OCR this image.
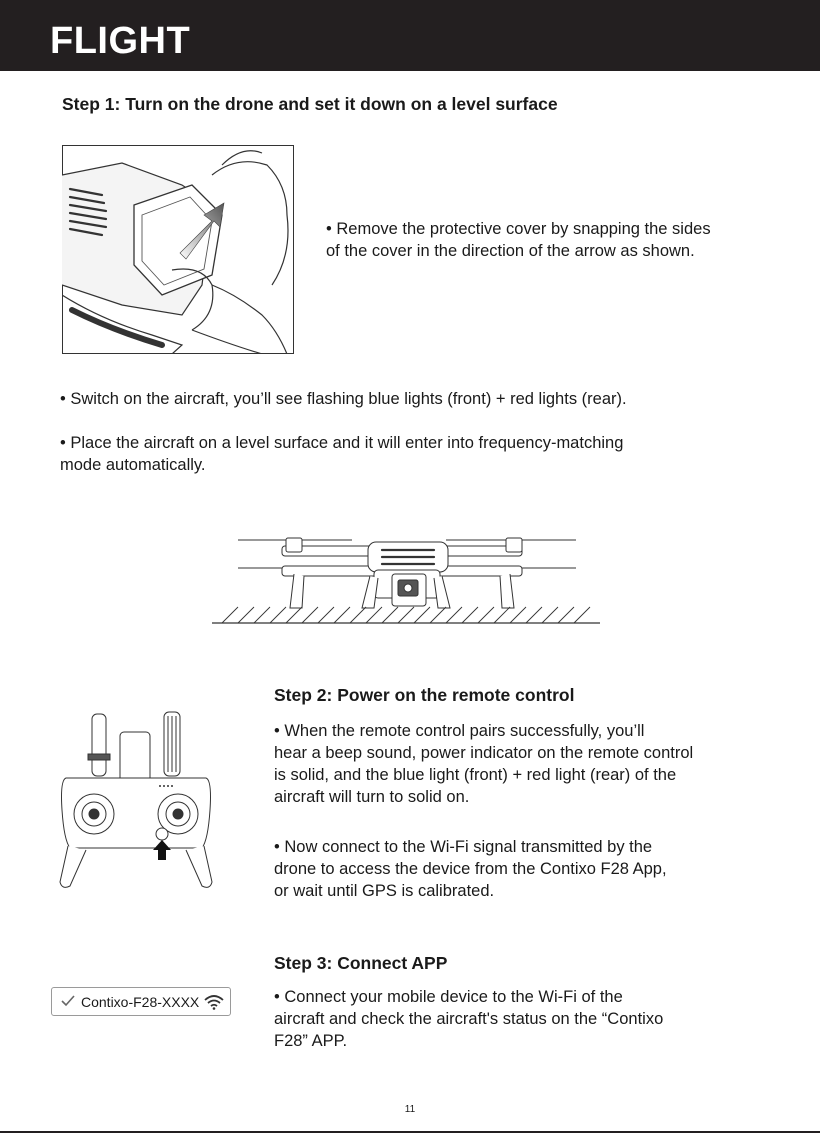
FLIGHT
Step 1: Turn on the drone and set it down on a level surface
• Remove the protective cover by snapping the sides
of the cover in the direction of the arrow as shown.
• Switch on the aircraft, you’ll see flashing blue lights (front) + red lights (rear).
• Place the aircraft on a level surface and it will enter into frequency-matching
mode automatically.
Step 2: Power on the remote control
• When the remote control pairs successfully, you’ll
hear a beep sound, power indicator on the remote control
is solid, and the blue light (front) + red light (rear) of the
aircraft will turn to solid on.
• Now connect to the Wi-Fi signal transmitted by the
drone to access the device from the Contixo F28 App,
or wait until GPS is calibrated.
Step 3: Connect APP
Contixo-F28-XXXX	• Connect your mobile device to the Wi-Fi of the
aircraft and check the aircraft's status on the “Contixo
F28” APP.
11
